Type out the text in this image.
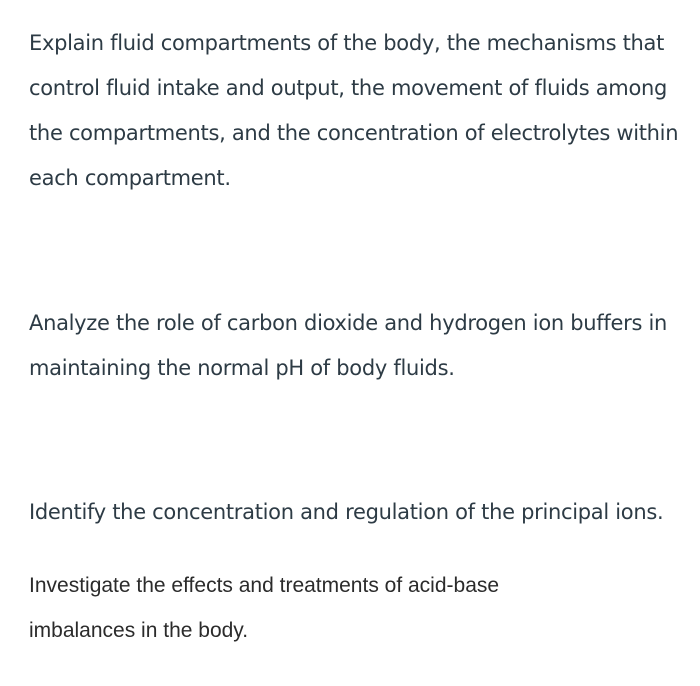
Explain fluid compartments of the body, the mechanisms that
control fluid intake and output, the movement of fluids among
the compartments, and the concentration of electrolytes within
each compartment.

Analyze the role of carbon dioxide and hydrogen ion buffers in
maintaining the normal pH of body fluids.

Identify the concentration and regulation of the principal ions.

Investigate the effects and treatments of acid-base
imbalances in the body.
